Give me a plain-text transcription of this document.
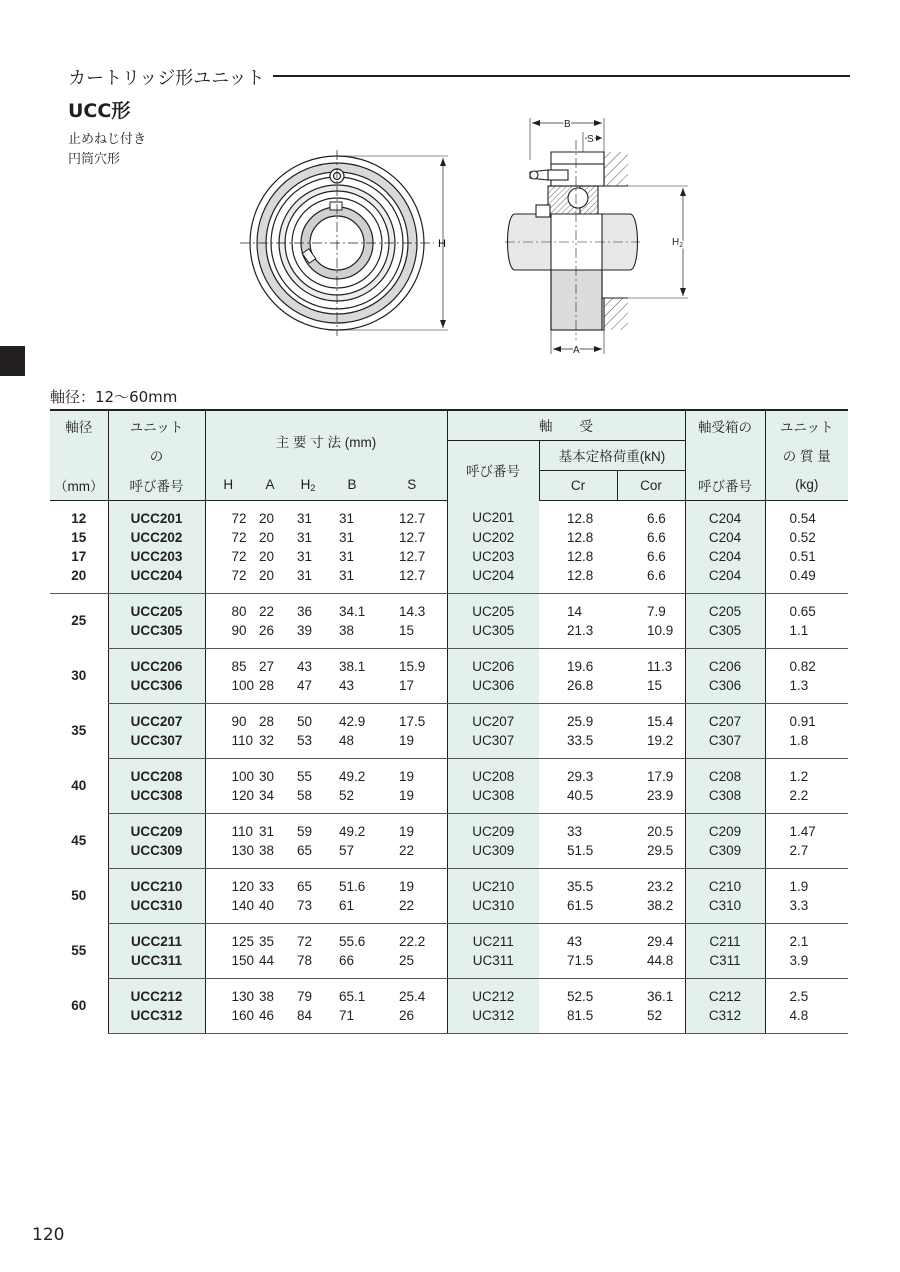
カートリッジ形ユニット
UCC形
止めねじ付き
円筒穴形
H
B
S
$H_2$
A
軸径：12〜60mm
軸径	ユニット	主 要 寸 法 (mm)					軸　　受			軸受箱の	ユニット
	の						呼び番号	基本定格荷重(kN)			の 質 量
（mm）	呼び番号	H	A	H2	B	S		Cr	Cor	呼び番号	(kg)
12	UCC201	72	20	31	31	12.7	UC201	12.8	6.6	C204	0.54
15	UCC202	72	20	31	31	12.7	UC202	12.8	6.6	C204	0.52
17	UCC203	72	20	31	31	12.7	UC203	12.8	6.6	C204	0.51
20	UCC204	72	20	31	31	12.7	UC204	12.8	6.6	C204	0.49
25	UCC205	80	22	36	34.1	14.3	UC205	14	7.9	C205	0.65
	UCC305	90	26	39	38	15	UC305	21.3	10.9	C305	1.1
30	UCC206	85	27	43	38.1	15.9	UC206	19.6	11.3	C206	0.82
	UCC306	100	28	47	43	17	UC306	26.8	15	C306	1.3
35	UCC207	90	28	50	42.9	17.5	UC207	25.9	15.4	C207	0.91
	UCC307	110	32	53	48	19	UC307	33.5	19.2	C307	1.8
40	UCC208	100	30	55	49.2	19	UC208	29.3	17.9	C208	1.2
	UCC308	120	34	58	52	19	UC308	40.5	23.9	C308	2.2
45	UCC209	110	31	59	49.2	19	UC209	33	20.5	C209	1.47
	UCC309	130	38	65	57	22	UC309	51.5	29.5	C309	2.7
50	UCC210	120	33	65	51.6	19	UC210	35.5	23.2	C210	1.9
	UCC310	140	40	73	61	22	UC310	61.5	38.2	C310	3.3
55	UCC211	125	35	72	55.6	22.2	UC211	43	29.4	C211	2.1
	UCC311	150	44	78	66	25	UC311	71.5	44.8	C311	3.9
60	UCC212	130	38	79	65.1	25.4	UC212	52.5	36.1	C212	2.5
	UCC312	160	46	84	71	26	UC312	81.5	52	C312	4.8
120
